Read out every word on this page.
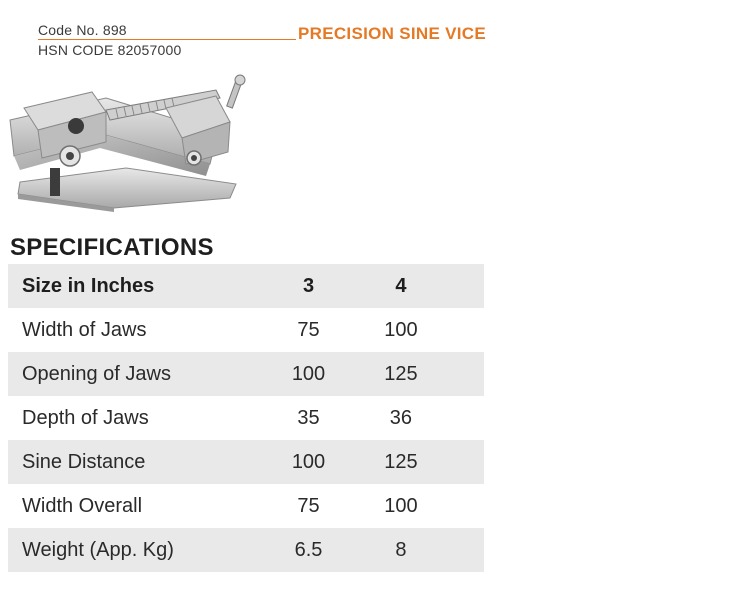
Code No. 898
HSN CODE 82057000
PRECISION SINE VICE
SPECIFICATIONS
Size in Inches	3	4	
Width of Jaws	75	100	
Opening of Jaws	100	125	
Depth of Jaws	35	36	
Sine Distance	100	125	
Width Overall	75	100	
Weight (App. Kg)	6.5	8	
